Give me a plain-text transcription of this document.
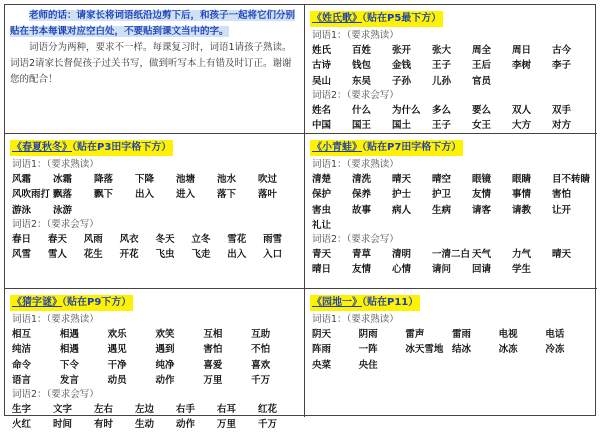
老师的话：请家长将词语纸沿边剪下后，和孩子一起将它们分别贴在书本每课对应空白处，不要贴到课文当中的字。
词语分为两种，要求不一样。每课复习时，词语1请孩子熟读。词语2请家长督促孩子过关书写，做到听写本上有错及时订正。谢谢您的配合！
《姓氏歌》（贴在P5最下方）
词语1：（要求熟读）
姓氏	百姓	张开	张大	周全	周日	古今
古诗	钱包	金钱	王子	王后	李树	李子
吴山	东吴	子孙	儿孙	官员
词语2：（要求会写）
姓名	什么	为什么	多么	要么	双人	双手
中国	国王	国土	王子	女王	大方	对方
《春夏秋冬》（贴在P3田字格下方）
词语1：（要求熟读）
风霜	冰霜	降落	下降	池塘	池水	吹过
风吹雨打 飘落	飘下	出入	进入	落下	落叶
游泳	泳游
词语2：（要求会写）
春日	春天	风雨	风衣	冬天	立冬	雪花	雨雪
风雪	雪人	花生	开花	飞虫	飞走	出入	入口
《小青蛙》（贴在P7田字格下方）
词语1：（要求熟读）
清楚	清洗	晴天	晴空	眼镜	眼睛	目不转睛
保护	保养	护士	护卫	友情	事情	害怕
害虫	故事	病人	生病	请客	请教	让开
礼让
词语2：（要求会写）
青天	青草	清明	一清二白 天气	力气	晴天
晴日	友情	心情	请问	回请	学生
《猜字谜》（贴在P9下方）
词语1：（要求熟读）
相互	相遇	欢乐	欢笑	互相	互助
纯洁	相遇	遇见	遇到	害怕	不怕
命令	下令	干净	纯净	喜爱	喜欢
语言	发言	动员	动作	万里	千万
词语2：（要求会写）
生字	文字	左右	左边	右手	右耳	红花
火红	时间	有时	生动	动作	万里	千万
《园地一》（贴在P11）
词语1：（要求熟读）
阴天	阴雨	雷声	雷雨	电视	电话
阵雨	一阵	冰天雪地 结冰	冰冻	冷冻
央菜	央住
